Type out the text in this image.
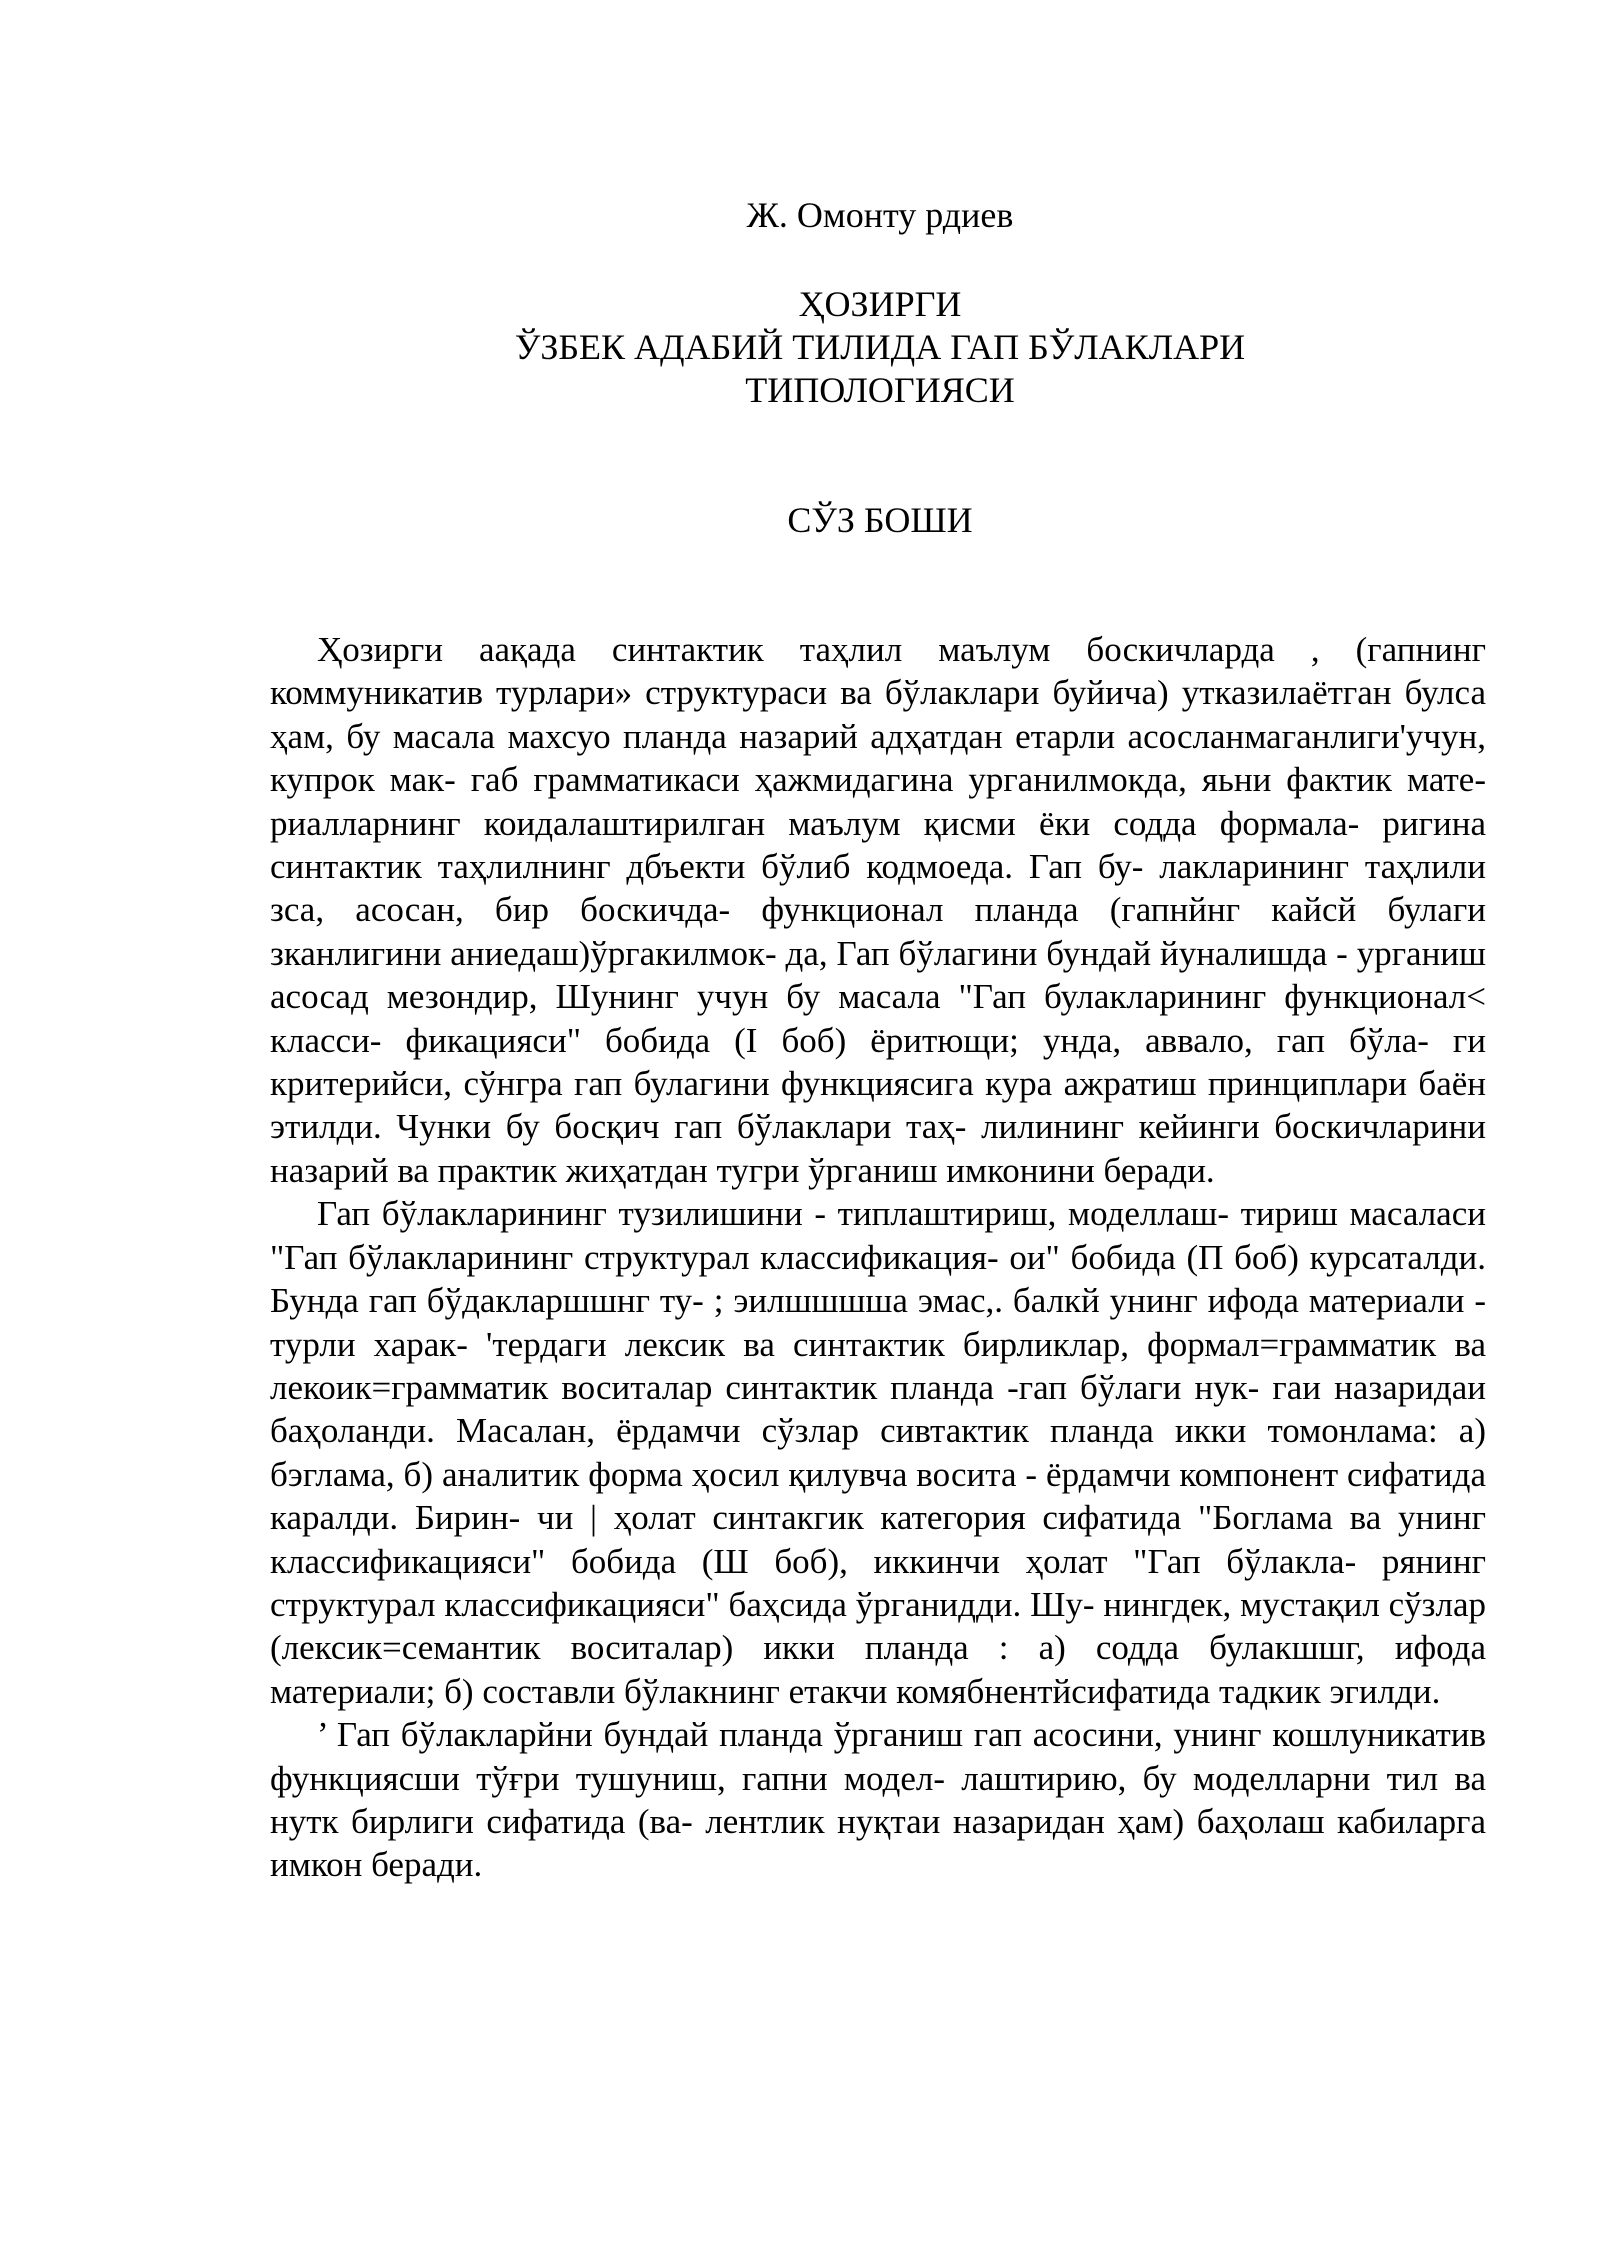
Ж. Омонту рдиев
ҲОЗИРГИ
ЎЗБЕК АДАБИЙ ТИЛИДА ГАП БЎЛАКЛАРИ
ТИПОЛОГИЯСИ
СЎЗ БОШИ

Ҳозирги аақада синтактик таҳлил маълум боскичларда , (гапнинг коммуникатив турлари» структураси ва бўлаклари буйича) утказилаётган булса ҳам, бу масала махсуо планда назарий адҳатдан етарли асосланмаганлиги'учун, купрок мак- габ грамматикаси ҳажмидагина урганилмокда, яьни фактик мате- риалларнинг коидалаштирилган маълум қисми ёки содда формала- ригина синтактик таҳлилнинг дбъекти бўлиб кодмоеда. Гап бу- лакларининг таҳлили зса, асосан, бир боскичда- функционал планда (гапнйнг кайсй булаги зканлигини аниедаш)ўргакилмок- да, Гап бўлагини бундай йуналишда - урганиш асосад мезондир, Шунинг учун бу масала "Гап булакларининг функционал< класси- фикацияси" бобида (I боб) ёритющи; унда, аввало, гап бўла- ги критерийси, сўнгра гап булагини функциясига кура ажратиш принциплари баён этилди. Чунки бу босқич гап бўлаклари таҳ- лилининг кейинги боскичларини назарий ва практик жиҳатдан тугри ўрганиш имконини беради.

Гап бўлакларининг тузилишини - типлаштириш, моделлаш- тириш масаласи "Гап бўлакларининг структурал классификация- ои" бобида (П боб) курсаталди. Бунда гап бўдакларшшнг ту- ; эилшшшша эмас,. балкй унинг ифода материали - турли харак- 'тердаги лексик ва синтактик бирликлар, формал=грамматик ва лекоик=грамматик воситалар синтактик планда -гап бўлаги нук- гаи назаридаи баҳоланди. Масалан, ёрдамчи сўзлар сивтактик планда икки томонлама: а) бэглама, б) аналитик форма ҳосил қилувча восита - ёрдамчи компонент сифатида каралди. Бирин- чи | ҳолат синтакгик категория сифатида "Боглама ва унинг классификацияси" бобида (Ш боб), иккинчи ҳолат "Гап бўлакла- рянинг структурал классификацияси" баҳсида ўрганидди. Шу- нингдек, мустақил сўзлар (лексик=семантик воситалар) икки планда : а) содда булакшшг, ифода материали; б) составли бўлакнинг етакчи комябнентйсифатида тадкик эгилди.

’ Гап бўлакларйни бундай планда ўрганиш гап асосини, унинг кошлуникатив функциясши тўғри тушуниш, гапни модел- лаштирию, бу моделларни тил ва нутк бирлиги сифатида (ва- лентлик нуқтаи назаридан ҳам) баҳолаш кабиларга имкон беради.
